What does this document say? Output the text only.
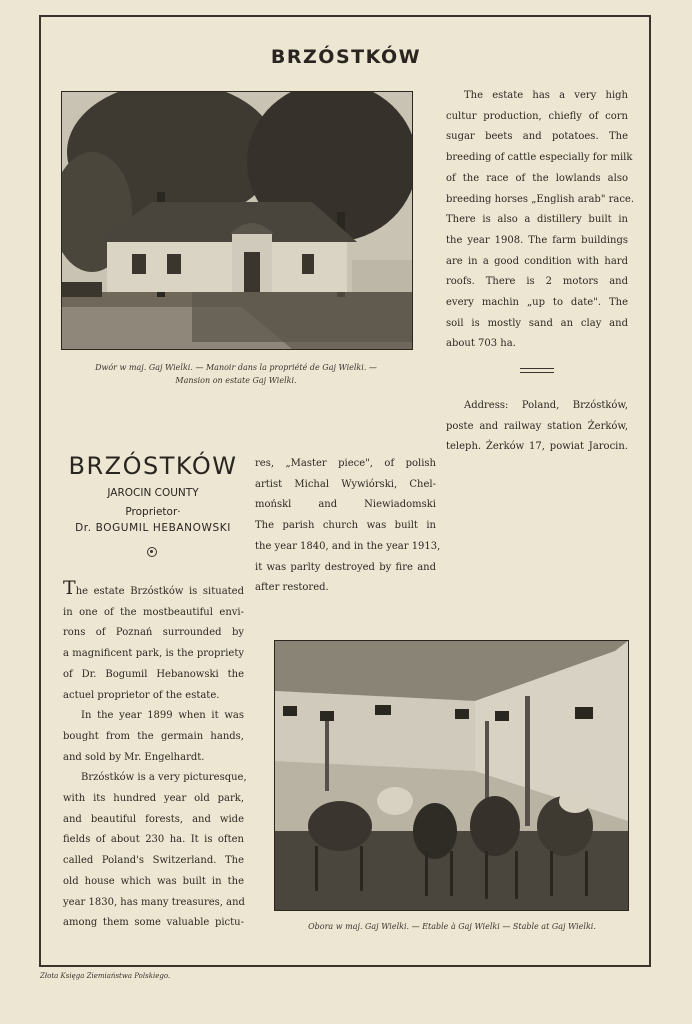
BRZÓSTKÓW
Dwór w maj. Gaj Wielki. — Manoir dans la propriété de Gaj Wielki. —
Mansion on estate Gaj Wielki.
The estate has a very high
cultur production, chiefly of corn
sugar beets and potatoes. The
breeding of cattle especially for milk
of the race of the lowlands also
breeding horses „English arab" race.
There is also a distillery built in
the year 1908. The farm buildings
are in a good condition with hard
roofs. There is 2 motors and
every machin „up to date". The
soil is mostly sand an clay and
about 703 ha.
Address: Poland, Brzóstków,
poste and railway station Żerków,
teleph. Żerków 17, powiat Jarocin.
BRZÓSTKÓW
JAROCIN COUNTY
Proprietor·
Dr. BOGUMIL HEBANOWSKI
The estate Brzóstków is situated
in one of the mostbeautiful envi-
rons of Poznań surrounded by
a magnificent park, is the propriety
of Dr. Bogumil Hebanowski the
actuel proprietor of the estate.
In the year 1899 when it was
bought from the germain hands,
and sold by Mr. Engelhardt.
Brzóstków is a very picturesque,
with its hundred year old park,
and beautiful forests, and wide
fields of about 230 ha. It is often
called Poland's Switzerland. The
old house which was built in the
year 1830, has many treasures, and
among them some valuable pictu-
res, „Master piece", of polish
artist Michal Wywiórski, Chel-
mońskl and Niewiadomski
The parish church was built in
the year 1840, and in the year 1913,
it was parlty destroyed by fire and
after restored.
Obora w maj. Gaj Wielki. — Etable à Gaj Wielki — Stable at Gaj Wielki.
Złota Księga Ziemiaństwa Polskiego.
